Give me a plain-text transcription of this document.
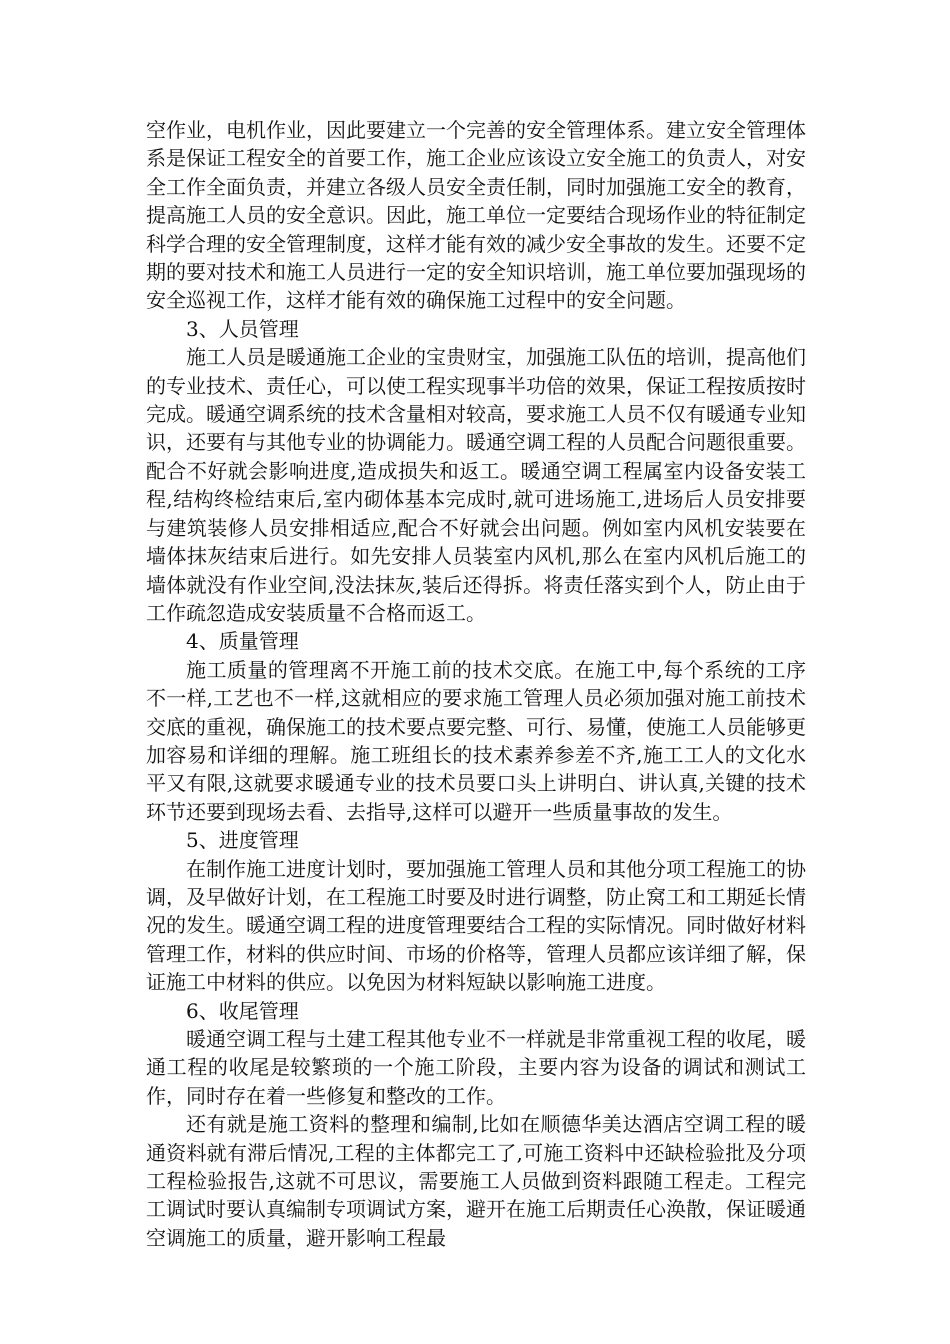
空作业，电机作业，因此要建立一个完善的安全管理体系。建立安全管理体系是保证工程安全的首要工作，施工企业应该设立安全施工的负责人，对安全工作全面负责，并建立各级人员安全责任制，同时加强施工安全的教育，提高施工人员的安全意识。因此，施工单位一定要结合现场作业的特征制定科学合理的安全管理制度，这样才能有效的减少安全事故的发生。还要不定期的要对技术和施工人员进行一定的安全知识培训，施工单位要加强现场的安全巡视工作，这样才能有效的确保施工过程中的安全问题。

3、人员管理

施工人员是暖通施工企业的宝贵财宝，加强施工队伍的培训，提高他们的专业技术、责任心，可以使工程实现事半功倍的效果，保证工程按质按时完成。暖通空调系统的技术含量相对较高，要求施工人员不仅有暖通专业知识，还要有与其他专业的协调能力。暖通空调工程的人员配合问题很重要。配合不好就会影响进度,造成损失和返工。暖通空调工程属室内设备安装工程,结构终检结束后,室内砌体基本完成时,就可进场施工,进场后人员安排要与建筑装修人员安排相适应,配合不好就会出问题。例如室内风机安装要在墙体抹灰结束后进行。如先安排人员装室内风机,那么在室内风机后施工的墙体就没有作业空间,没法抹灰,装后还得拆。将责任落实到个人，防止由于工作疏忽造成安装质量不合格而返工。

4、质量管理

施工质量的管理离不开施工前的技术交底。在施工中,每个系统的工序不一样,工艺也不一样,这就相应的要求施工管理人员必须加强对施工前技术交底的重视，确保施工的技术要点要完整、可行、易懂，使施工人员能够更加容易和详细的理解。施工班组长的技术素养参差不齐,施工工人的文化水平又有限,这就要求暖通专业的技术员要口头上讲明白、讲认真,关键的技术环节还要到现场去看、去指导,这样可以避开一些质量事故的发生。

5、进度管理

在制作施工进度计划时，要加强施工管理人员和其他分项工程施工的协调，及早做好计划，在工程施工时要及时进行调整，防止窝工和工期延长情况的发生。暖通空调工程的进度管理要结合工程的实际情况。同时做好材料管理工作，材料的供应时间、市场的价格等，管理人员都应该详细了解，保证施工中材料的供应。以免因为材料短缺以影响施工进度。

6、收尾管理

暖通空调工程与土建工程其他专业不一样就是非常重视工程的收尾，暖通工程的收尾是较繁琐的一个施工阶段，主要内容为设备的调试和测试工作，同时存在着一些修复和整改的工作。

还有就是施工资料的整理和编制,比如在顺德华美达酒店空调工程的暖通资料就有滞后情况,工程的主体都完工了,可施工资料中还缺检验批及分项工程检验报告,这就不可思议，需要施工人员做到资料跟随工程走。工程完工调试时要认真编制专项调试方案，避开在施工后期责任心涣散，保证暖通空调施工的质量，避开影响工程最
